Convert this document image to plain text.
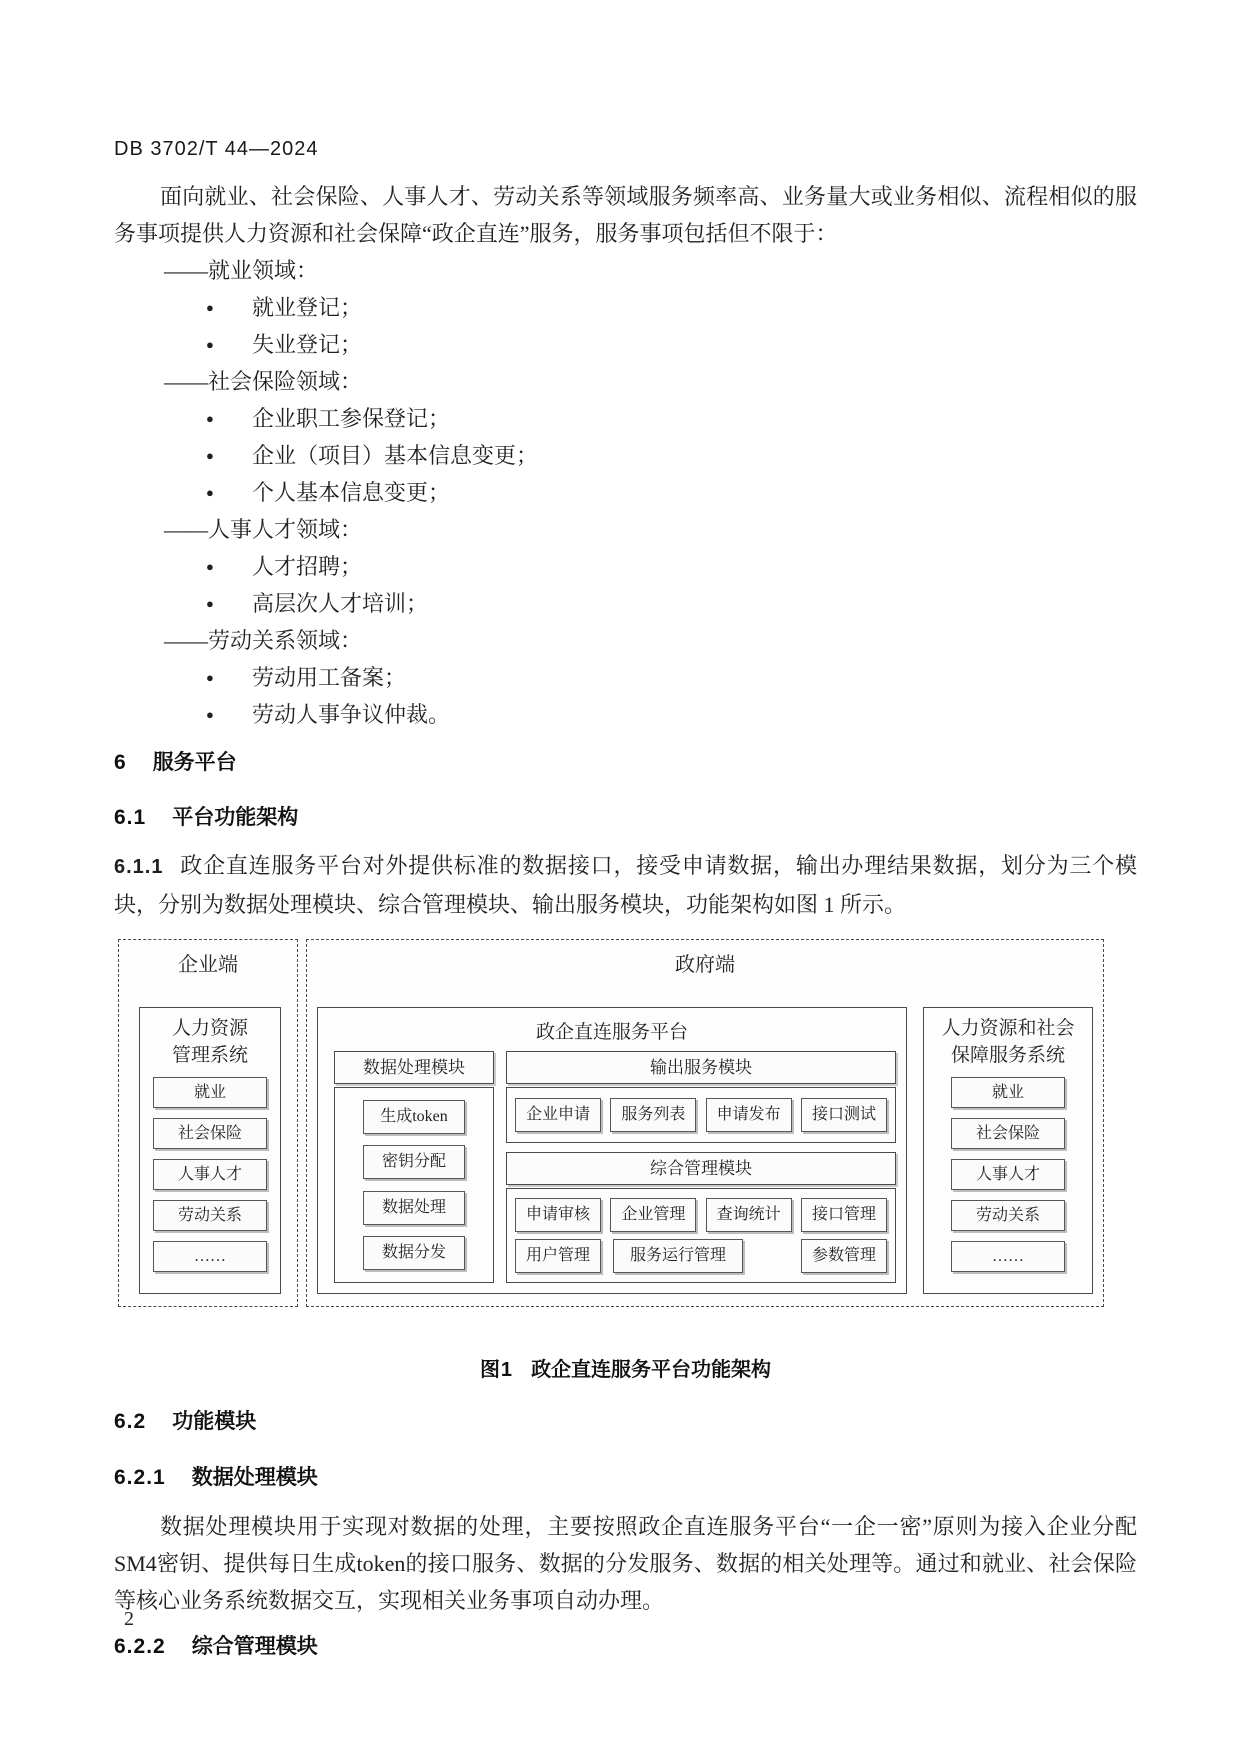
DB 3702/T 44—2024

面向就业、社会保险、人事人才、劳动关系等领域服务频率高、业务量大或业务相似、流程相似的服务事项提供人力资源和社会保障“政企直连”服务，服务事项包括但不限于：

——就业领域：
● 就业登记；
● 失业登记；
——社会保险领域：
● 企业职工参保登记；
● 企业（项目）基本信息变更；
● 个人基本信息变更；
——人事人才领域：
● 人才招聘；
● 高层次人才培训；
——劳动关系领域：
● 劳动用工备案；
● 劳动人事争议仲裁。
6 服务平台
6.1 平台功能架构

6.1.1 政企直连服务平台对外提供标准的数据接口，接受申请数据，输出办理结果数据，划分为三个模块，分别为数据处理模块、综合管理模块、输出服务模块，功能架构如图 1 所示。

企业端
人力资源
管理系统
就业
社会保险
人事人才
劳动关系
……
政府端
政企直连服务平台
数据处理模块
生成token
密钥分配
数据处理
数据分发
输出服务模块
企业申请	服务列表	申请发布	接口测试
综合管理模块
申请审核	企业管理	查询统计	接口管理
用户管理	服务运行管理	参数管理
人力资源和社会
保障服务系统
就业
社会保险
人事人才
劳动关系
……
图1 政企直连服务平台功能架构
6.2 功能模块
6.2.1 数据处理模块

数据处理模块用于实现对数据的处理，主要按照政企直连服务平台“一企一密”原则为接入企业分配SM4密钥、提供每日生成token的接口服务、数据的分发服务、数据的相关处理等。通过和就业、社会保险等核心业务系统数据交互，实现相关业务事项自动办理。

6.2.2 综合管理模块
2
